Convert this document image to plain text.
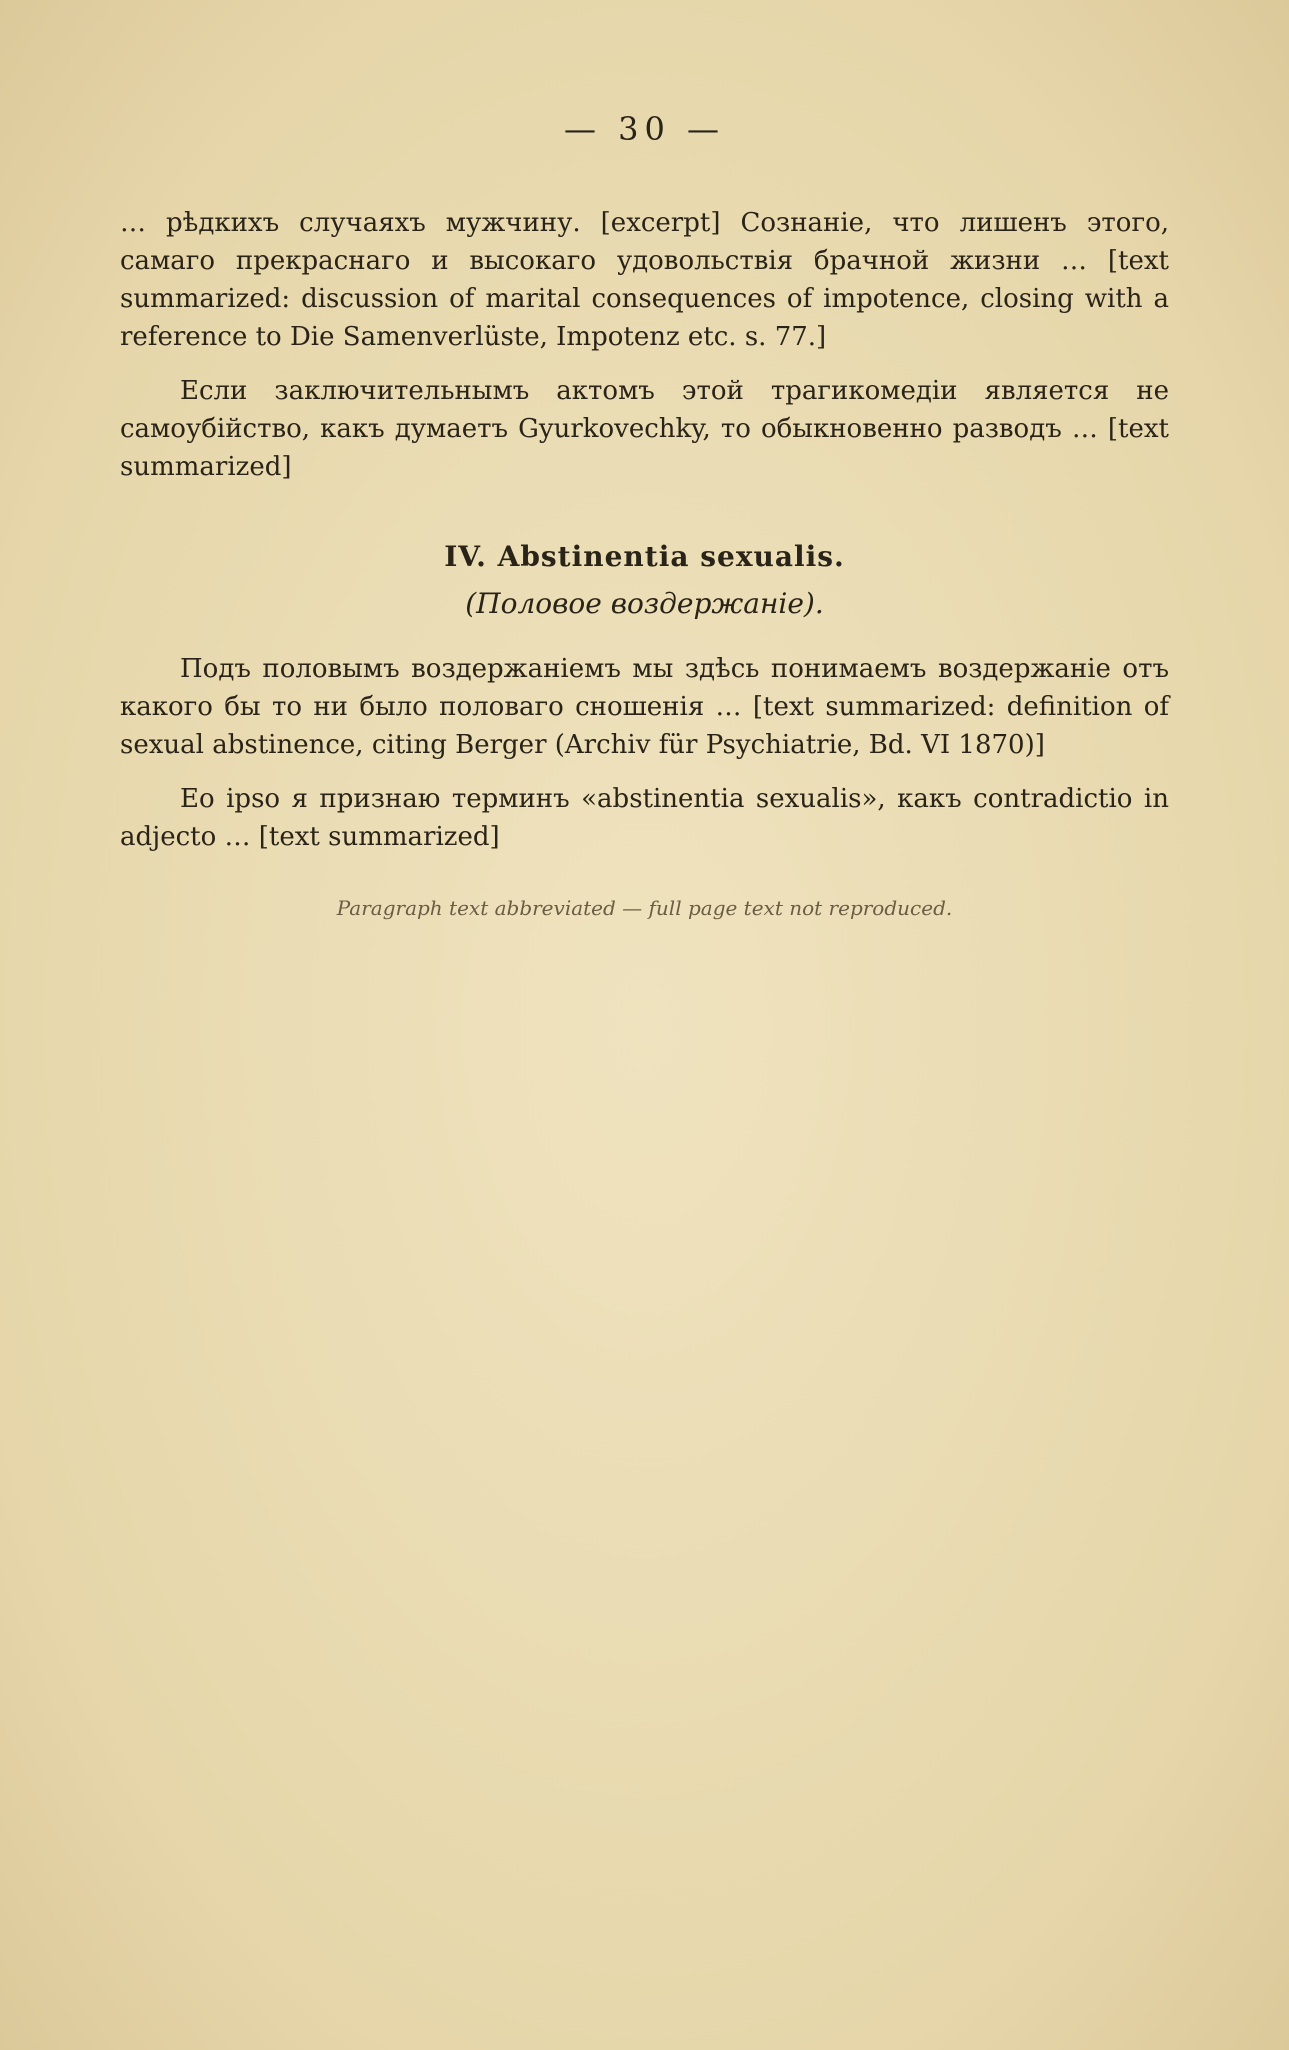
— 30 —

… рѣдкихъ случаяхъ мужчину. [excerpt] Сознанiе, что лишенъ этого, самаго прекраснаго и высокаго удовольствiя брачной жизни … [text summarized: discussion of marital consequences of impotence, closing with a reference to Die Samenverlüste, Impotenz etc. s. 77.]

Если заключительнымъ актомъ этой трагикомедiи является не самоубiйство, какъ думаетъ Gyurkovechky, то обыкновенно разводъ … [text summarized]

IV. Abstinentia sexualis.
(Половое воздержанiе).

Подъ половымъ воздержанiемъ мы здѣсь понимаемъ воздержанiе отъ какого бы то ни было половаго сношенiя … [text summarized: definition of sexual abstinence, citing Berger (Archiv für Psychiatrie, Bd. VI 1870)]

Eo ipso я признаю терминъ «abstinentia sexualis», какъ contradictio in adjecto … [text summarized]

Paragraph text abbreviated — full page text not reproduced.
